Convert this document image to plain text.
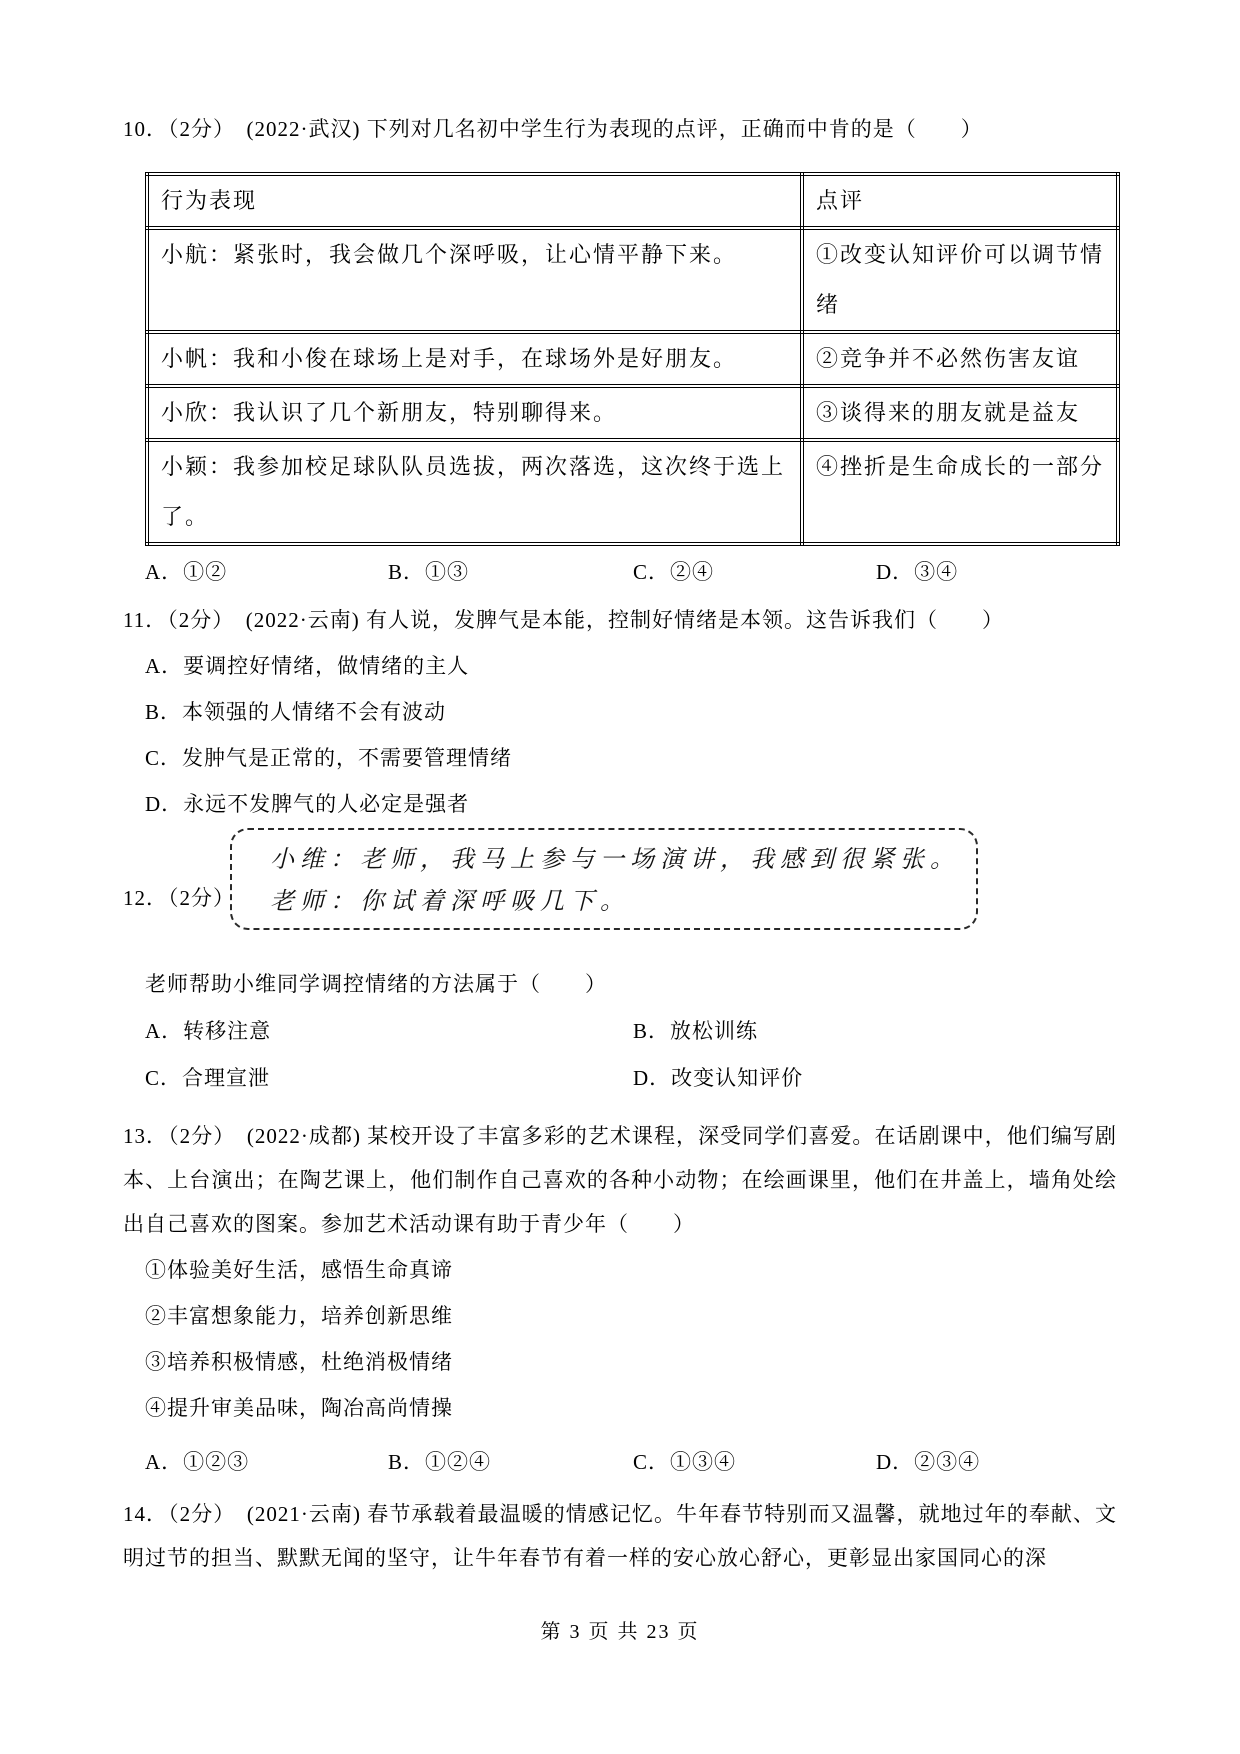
10．（2分）　(2022·武汉) 下列对几名初中学生行为表现的点评，正确而中肯的是（　　）

行为表现	点评
小航：紧张时，我会做几个深呼吸，让心情平静下来。	①改变认知评价可以调节情绪
小帆：我和小俊在球场上是对手，在球场外是好朋友。	②竞争并不必然伤害友谊
小欣：我认识了几个新朋友，特别聊得来。	③谈得来的朋友就是益友
小颖：我参加校足球队队员选拔，两次落选，这次终于选上了。	④挫折是生命成长的一部分
A．①②	B．①③	C．②④	D．③④

11．（2分）　(2022·云南) 有人说，发脾气是本能，控制好情绪是本领。这告诉我们（　　）

A．要调控好情绪，做情绪的主人
B．本领强的人情绪不会有波动
C．发肿气是正常的，不需要管理情绪
D．永远不发脾气的人必定是强者
12．（2分）
小维：老师，我马上参与一场演讲，我感到很紧张。
老师：你试着深呼吸几下。

老师帮助小维同学调控情绪的方法属于（　　）

A．转移注意	B．放松训练
C．合理宣泄	D．改变认知评价

13．（2分）　(2022·成都) 某校开设了丰富多彩的艺术课程，深受同学们喜爱。在话剧课中，他们编写剧本、上台演出；在陶艺课上，他们制作自己喜欢的各种小动物；在绘画课里，他们在井盖上，墙角处绘出自己喜欢的图案。参加艺术活动课有助于青少年（　　）

①体验美好生活，感悟生命真谛
②丰富想象能力，培养创新思维
③培养积极情感，杜绝消极情绪
④提升审美品味，陶冶高尚情操
A．①②③	B．①②④	C．①③④	D．②③④

14．（2分）　(2021·云南) 春节承载着最温暖的情感记忆。牛年春节特别而又温馨，就地过年的奉献、文明过节的担当、默默无闻的坚守，让牛年春节有着一样的安心放心舒心，更彰显出家国同心的深

第 3 页 共 23 页
